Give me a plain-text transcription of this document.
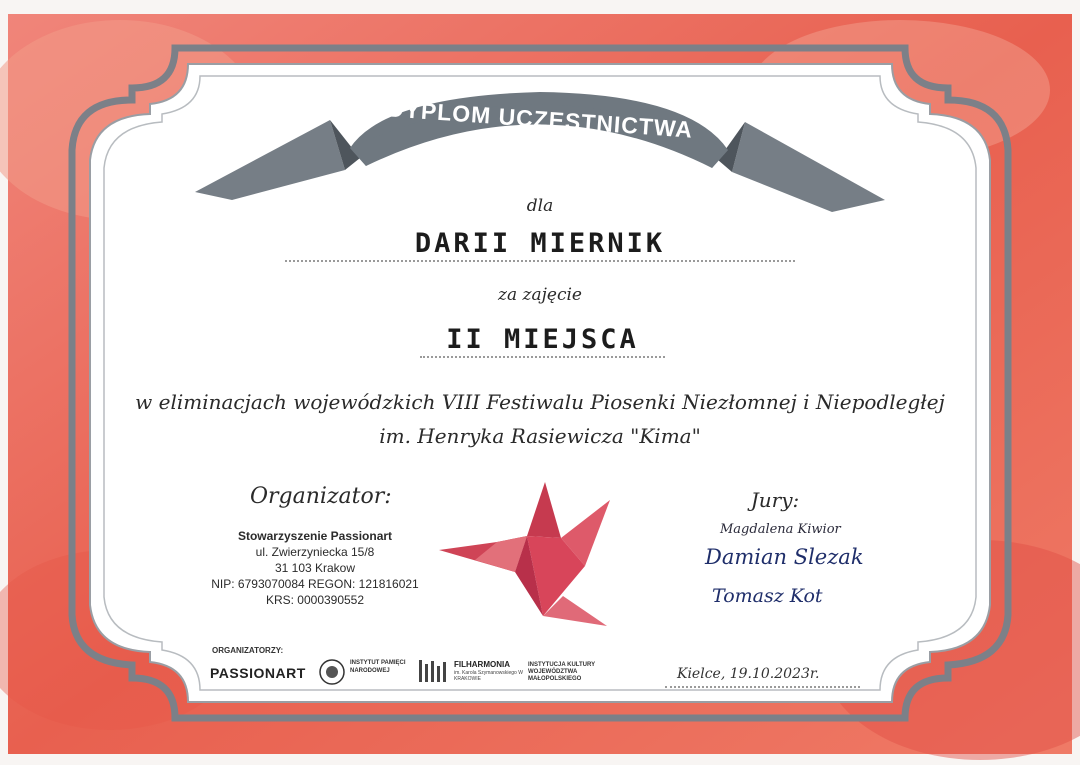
DYPLOM UCZESTNICTWA
dla
DARII MIERNIK
za zajęcie
II MIEJSCA
w eliminacjach wojewódzkich VIII Festiwalu Piosenki Niezłomnej i Niepodległej
im. Henryka Rasiewicza "Kima"
Organizator:
Stowarzyszenie Passionart
ul. Zwierzyniecka 15/8
31 103 Krakow
NIP: 6793070084 REGON: 121816021
KRS: 0000390552
Jury:
Magdalena Kiwior
Damian Slezak
Tomasz Kot
ORGANIZATORZY:
PASSIONART
INSTYTUT PAMIĘCI NARODOWEJ
FILHARMONIA
im. Karola Szymanowskiego W KRAKOWIE
INSTYTUCJA KULTURY WOJEWÓDZTWA MAŁOPOLSKIEGO	Kielce, 19.10.2023r.
